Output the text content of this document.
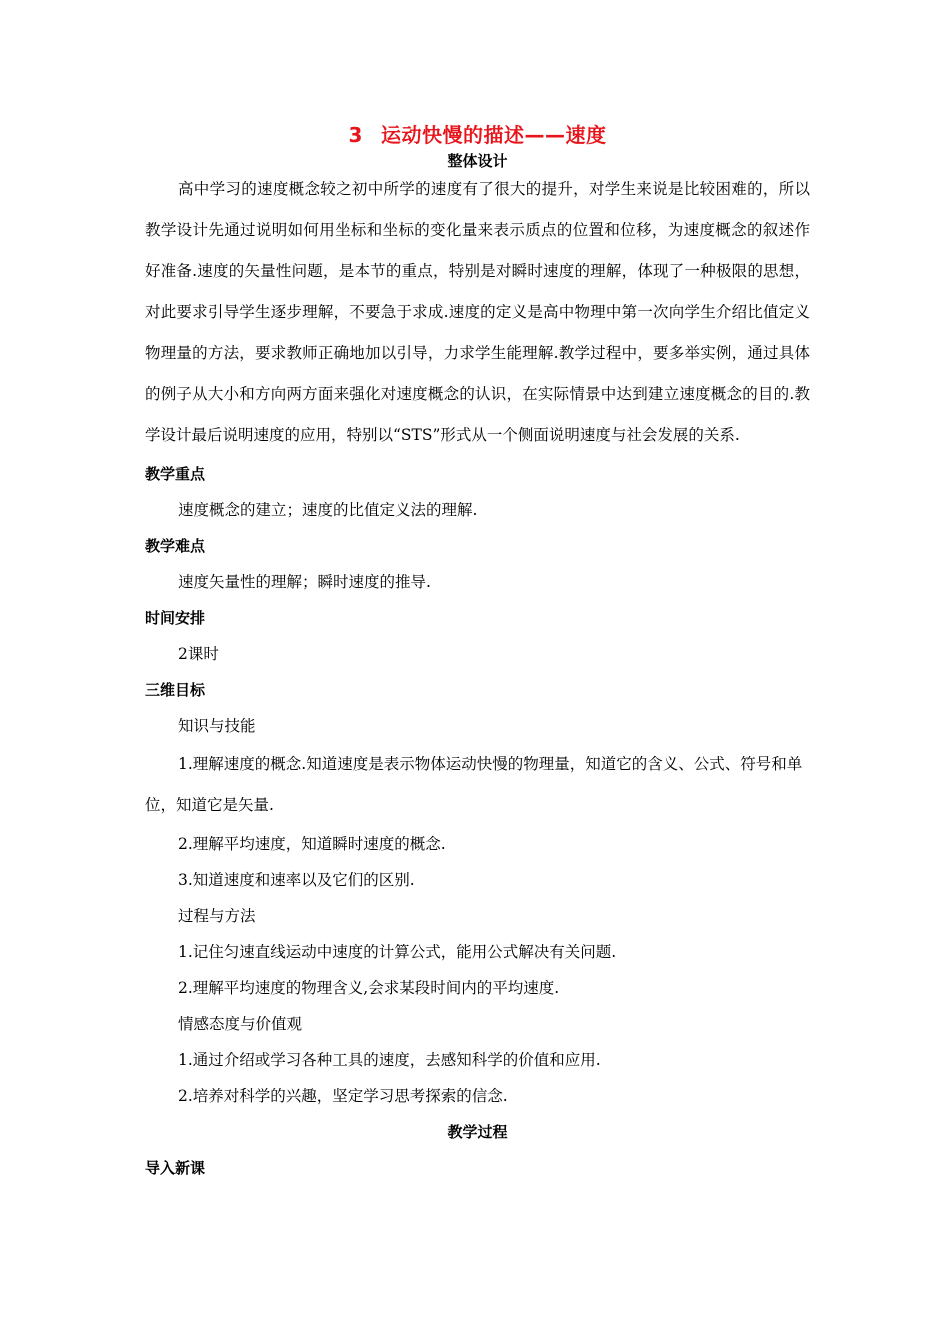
3 运动快慢的描述——速度

整体设计

高中学习的速度概念较之初中所学的速度有了很大的提升，对学生来说是比较困难的，所以教学设计先通过说明如何用坐标和坐标的变化量来表示质点的位置和位移，为速度概念的叙述作好准备.速度的矢量性问题，是本节的重点，特别是对瞬时速度的理解，体现了一种极限的思想，对此要求引导学生逐步理解，不要急于求成.速度的定义是高中物理中第一次向学生介绍比值定义物理量的方法，要求教师正确地加以引导，力求学生能理解.教学过程中，要多举实例，通过具体的例子从大小和方向两方面来强化对速度概念的认识，在实际情景中达到建立速度概念的目的.教学设计最后说明速度的应用，特别以“STS”形式从一个侧面说明速度与社会发展的关系.

教学重点

速度概念的建立；速度的比值定义法的理解.

教学难点

速度矢量性的理解；瞬时速度的推导.

时间安排

2课时

三维目标

知识与技能

1.理解速度的概念.知道速度是表示物体运动快慢的物理量，知道它的含义、公式、符号和单位，知道它是矢量.

2.理解平均速度，知道瞬时速度的概念.

3.知道速度和速率以及它们的区别.

过程与方法

1.记住匀速直线运动中速度的计算公式，能用公式解决有关问题.

2.理解平均速度的物理含义,会求某段时间内的平均速度.

情感态度与价值观

1.通过介绍或学习各种工具的速度，去感知科学的价值和应用.

2.培养对科学的兴趣，坚定学习思考探索的信念.

教学过程

导入新课
